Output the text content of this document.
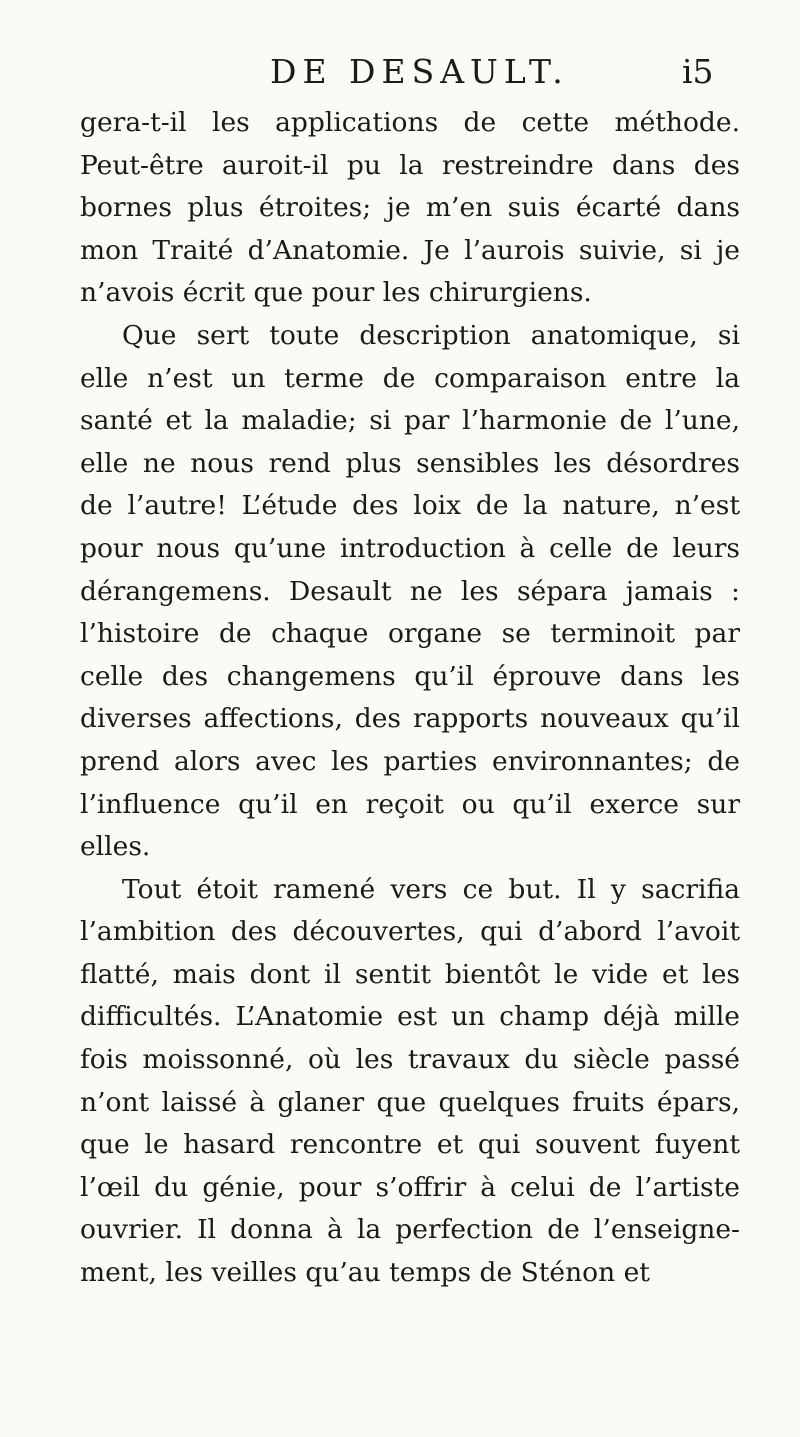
DE DESAULT.	i5
gera-t-il les applications de cette méthode.
Peut-être auroit-il pu la restreindre dans des
bornes plus étroites; je m’en suis écarté dans
mon Traité d’Anatomie. Je l’aurois suivie, si je
n’avois écrit que pour les chirurgiens.
Que sert toute description anatomique, si
elle n’est un terme de comparaison entre la
santé et la maladie; si par l’harmonie de l’une,
elle ne nous rend plus sensibles les désordres
de l’autre! L’étude des loix de la nature, n’est
pour nous qu’une introduction à celle de leurs
dérangemens. Desault ne les sépara jamais :
l’histoire de chaque organe se terminoit par
celle des changemens qu’il éprouve dans les
diverses affections, des rapports nouveaux qu’il
prend alors avec les parties environnantes; de
l’influence qu’il en reçoit ou qu’il exerce sur
elles.
Tout étoit ramené vers ce but. Il y sacrifia
l’ambition des découvertes, qui d’abord l’avoit
flatté, mais dont il sentit bientôt le vide et les
difficultés. L’Anatomie est un champ déjà mille
fois moissonné, où les travaux du siècle passé
n’ont laissé à glaner que quelques fruits épars,
que le hasard rencontre et qui souvent fuyent
l’œil du génie, pour s’offrir à celui de l’artiste
ouvrier. Il donna à la perfection de l’enseigne-
ment, les veilles qu’au temps de Sténon et
